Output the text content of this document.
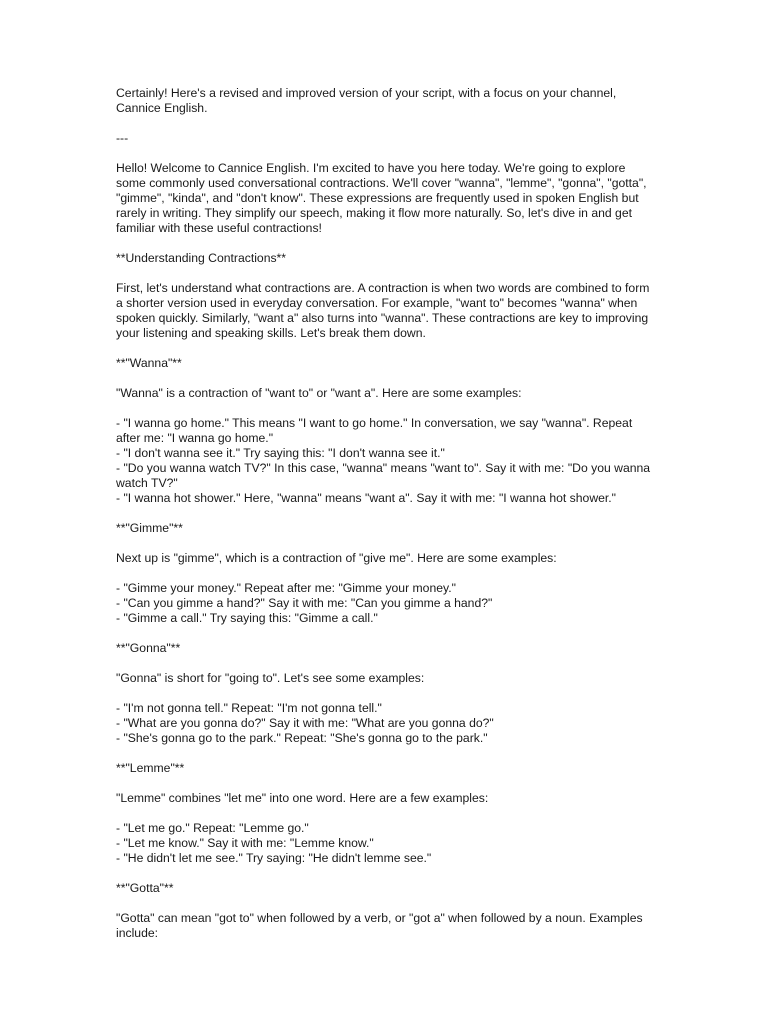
Certainly! Here's a revised and improved version of your script, with a focus on your channel, Cannice English.

---

Hello! Welcome to Cannice English. I'm excited to have you here today. We're going to explore some commonly used conversational contractions. We'll cover "wanna", "lemme", "gonna", "gotta", "gimme", "kinda", and "don't know". These expressions are frequently used in spoken English but rarely in writing. They simplify our speech, making it flow more naturally. So, let's dive in and get familiar with these useful contractions!

**Understanding Contractions**

First, let's understand what contractions are. A contraction is when two words are combined to form a shorter version used in everyday conversation. For example, "want to" becomes "wanna" when spoken quickly. Similarly, "want a" also turns into "wanna". These contractions are key to improving your listening and speaking skills. Let's break them down.

**"Wanna"**

"Wanna" is a contraction of "want to" or "want a". Here are some examples:

- "I wanna go home." This means "I want to go home." In conversation, we say "wanna". Repeat after me: "I wanna go home."
- "I don't wanna see it." Try saying this: "I don't wanna see it."
- "Do you wanna watch TV?" In this case, "wanna" means "want to". Say it with me: "Do you wanna watch TV?"
- "I wanna hot shower." Here, "wanna" means "want a". Say it with me: "I wanna hot shower."

**"Gimme"**

Next up is "gimme", which is a contraction of "give me". Here are some examples:

- "Gimme your money." Repeat after me: "Gimme your money."
- "Can you gimme a hand?" Say it with me: "Can you gimme a hand?"
- "Gimme a call." Try saying this: "Gimme a call."

**"Gonna"**

"Gonna" is short for "going to". Let's see some examples:

- "I'm not gonna tell." Repeat: "I'm not gonna tell."
- "What are you gonna do?" Say it with me: "What are you gonna do?"
- "She's gonna go to the park." Repeat: "She's gonna go to the park."

**"Lemme"**

"Lemme" combines "let me" into one word. Here are a few examples:

- "Let me go." Repeat: "Lemme go."
- "Let me know." Say it with me: "Lemme know."
- "He didn't let me see." Try saying: "He didn't lemme see."

**"Gotta"**

"Gotta" can mean "got to" when followed by a verb, or "got a" when followed by a noun. Examples include:
